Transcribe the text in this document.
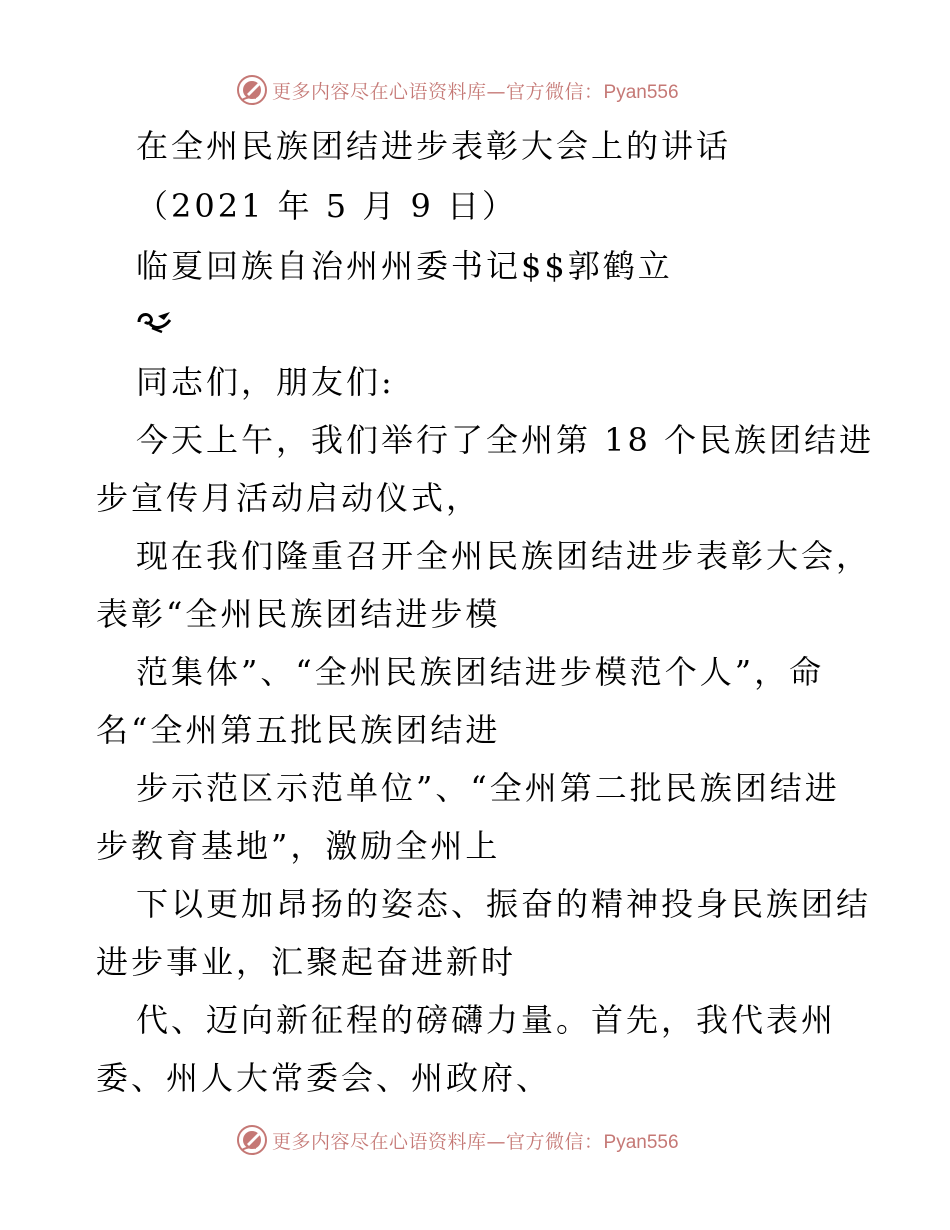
更多内容尽在心语资料库—官方微信：Pyan556
在全州民族团结进步表彰大会上的讲话
（2021 年 5 月 9 日）
临夏回族自治州州委书记$$郭鹤立
同志们，朋友们:
今天上午，我们举行了全州第 18 个民族团结进
步宣传月活动启动仪式，
现在我们隆重召开全州民族团结进步表彰大会，
表彰“全州民族团结进步模
范集体”、“全州民族团结进步模范个人”，命
名“全州第五批民族团结进
步示范区示范单位”、“全州第二批民族团结进
步教育基地”，激励全州上
下以更加昂扬的姿态、振奋的精神投身民族团结
进步事业，汇聚起奋进新时
代、迈向新征程的磅礴力量。首先，我代表州
委、州人大常委会、州政府、
更多内容尽在心语资料库—官方微信：Pyan556
